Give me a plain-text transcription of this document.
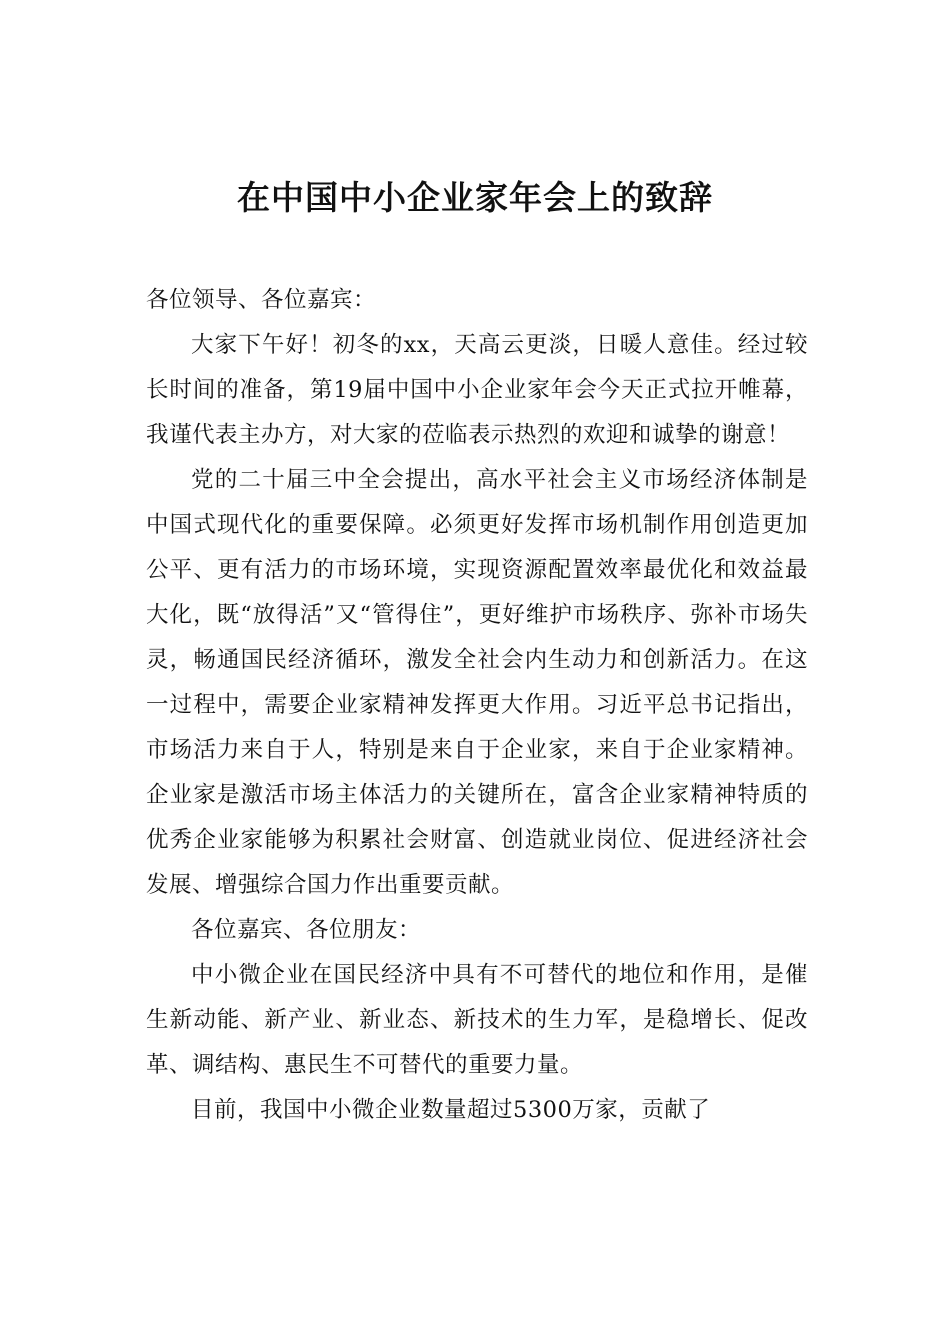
在中国中小企业家年会上的致辞

各位领导、各位嘉宾：

大家下午好！初冬的xx，天高云更淡，日暖人意佳。经过较长时间的准备，第19届中国中小企业家年会今天正式拉开帷幕，我谨代表主办方，对大家的莅临表示热烈的欢迎和诚挚的谢意！

党的二十届三中全会提出，高水平社会主义市场经济体制是中国式现代化的重要保障。必须更好发挥市场机制作用创造更加公平、更有活力的市场环境，实现资源配置效率最优化和效益最大化，既“放得活”又“管得住”，更好维护市场秩序、弥补市场失灵，畅通国民经济循环，激发全社会内生动力和创新活力。在这一过程中，需要企业家精神发挥更大作用。习近平总书记指出，市场活力来自于人，特别是来自于企业家，来自于企业家精神。企业家是激活市场主体活力的关键所在，富含企业家精神特质的优秀企业家能够为积累社会财富、创造就业岗位、促进经济社会发展、增强综合国力作出重要贡献。

各位嘉宾、各位朋友：

中小微企业在国民经济中具有不可替代的地位和作用，是催生新动能、新产业、新业态、新技术的生力军，是稳增长、促改革、调结构、惠民生不可替代的重要力量。

目前，我国中小微企业数量超过5300万家，贡献了
